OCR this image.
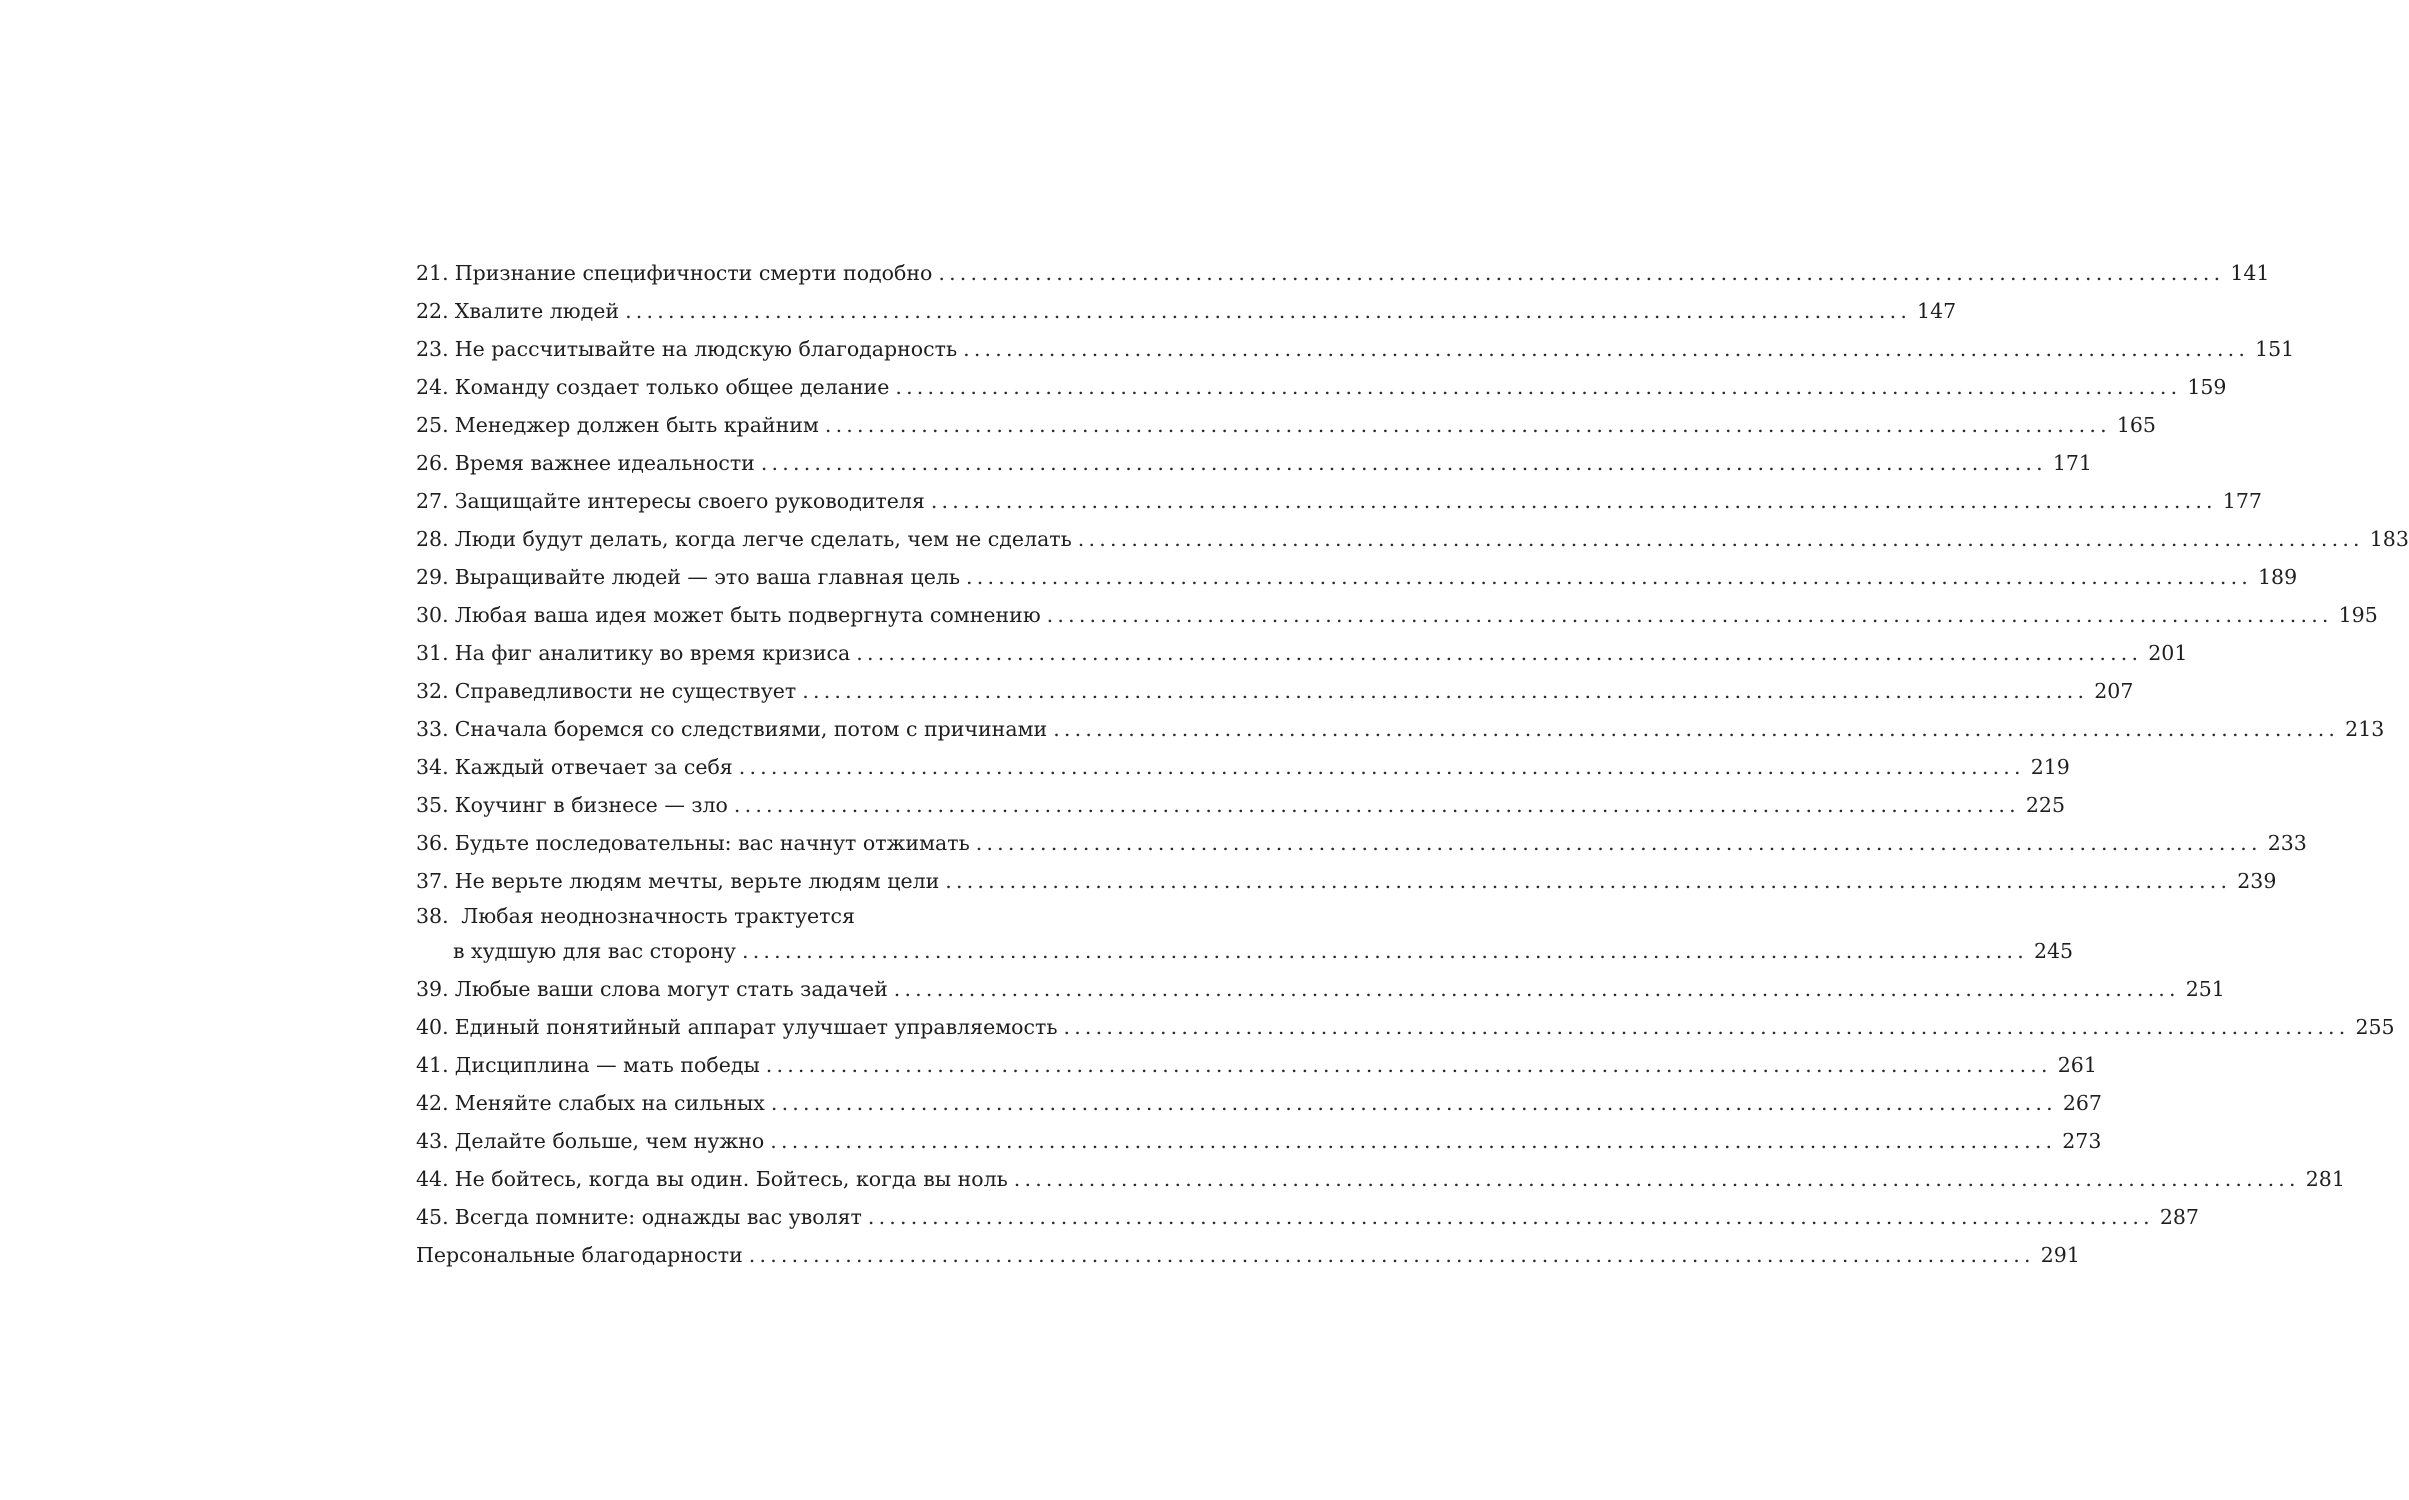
21. Признание специфичности смерти подобно ........................................................................................................................ 141
22. Хвалите людей ........................................................................................................................ 147
23. Не рассчитывайте на людскую благодарность ........................................................................................................................ 151
24. Команду создает только общее делание ........................................................................................................................ 159
25. Менеджер должен быть крайним ........................................................................................................................ 165
26. Время важнее идеальности ........................................................................................................................ 171
27. Защищайте интересы своего руководителя ........................................................................................................................ 177
28. Люди будут делать, когда легче сделать, чем не сделать ........................................................................................................................ 183
29. Выращивайте людей — это ваша главная цель ........................................................................................................................ 189
30. Любая ваша идея может быть подвергнута сомнению ........................................................................................................................ 195
31. На фиг аналитику во время кризиса ........................................................................................................................ 201
32. Справедливости не существует ........................................................................................................................ 207
33. Сначала боремся со следствиями, потом с причинами ........................................................................................................................ 213
34. Каждый отвечает за себя ........................................................................................................................ 219
35. Коучинг в бизнесе — зло ........................................................................................................................ 225
36. Будьте последовательны: вас начнут отжимать ........................................................................................................................ 233
37. Не верьте людям мечты, верьте людям цели ........................................................................................................................ 239
38. Любая неоднозначность трактуется
в худшую для вас сторону ........................................................................................................................ 245
39. Любые ваши слова могут стать задачей ........................................................................................................................ 251
40. Единый понятийный аппарат улучшает управляемость ........................................................................................................................ 255
41. Дисциплина — мать победы ........................................................................................................................ 261
42. Меняйте слабых на сильных ........................................................................................................................ 267
43. Делайте больше, чем нужно ........................................................................................................................ 273
44. Не бойтесь, когда вы один. Бойтесь, когда вы ноль ........................................................................................................................ 281
45. Всегда помните: однажды вас уволят ........................................................................................................................ 287
Персональные благодарности ........................................................................................................................ 291
